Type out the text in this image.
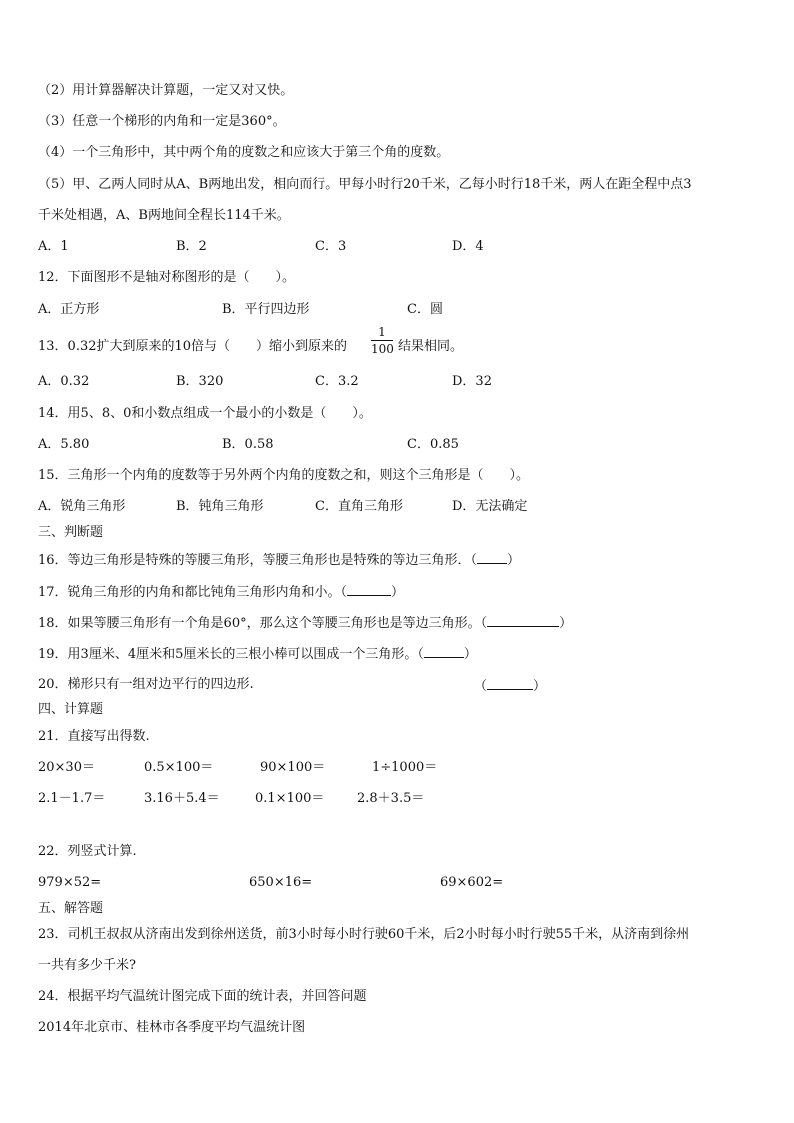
（2）用计算器解决计算题，一定又对又快。
（3）任意一个梯形的内角和一定是360°。
（4）一个三角形中，其中两个角的度数之和应该大于第三个角的度数。
（5）甲、乙两人同时从A、B两地出发，相向而行。甲每小时行20千米，乙每小时行18千米，两人在距全程中点3
千米处相遇，A、B两地间全程长114千米。
A．1	B．2	C．3	D．4
12．下面图形不是轴对称图形的是（　　）。
A．正方形	B．平行四边形	C．圆
13．0.32扩大到原来的10倍与（　　）缩小到原来的
1
100 结果相同。
A．0.32	B．320	C．3.2	D．32
14．用5、8、0和小数点组成一个最小的小数是（　　）。
A．5.80	B．0.58	C．0.85
15．三角形一个内角的度数等于另外两个内角的度数之和，则这个三角形是（　　）。
A．锐角三角形	B．钝角三角形	C．直角三角形	D．无法确定
三、判断题
16．等边三角形是特殊的等腰三角形，等腰三角形也是特殊的等边三角形．（ ）
17．锐角三角形的内角和都比钝角三角形内角和小。（	）
18．如果等腰三角形有一个角是60°，那么这个等腰三角形也是等边三角形。（	）
19．用3厘米、4厘米和5厘米长的三根小棒可以围成一个三角形。（	）
20．梯形只有一组对边平行的四边形.	（	）
四、计算题
21．直接写出得数.
20×30＝	0.5×100＝	90×100＝	1÷1000＝
2.1－1.7＝	3.16＋5.4＝	0.1×100＝	2.8＋3.5＝
22．列竖式计算.
979×52=	650×16=	69×602=
五、解答题
23．司机王叔叔从济南出发到徐州送货，前3小时每小时行驶60千米，后2小时每小时行驶55千米，从济南到徐州
一共有多少千米?
24．根据平均气温统计图完成下面的统计表，并回答问题
2014年北京市、桂林市各季度平均气温统计图
